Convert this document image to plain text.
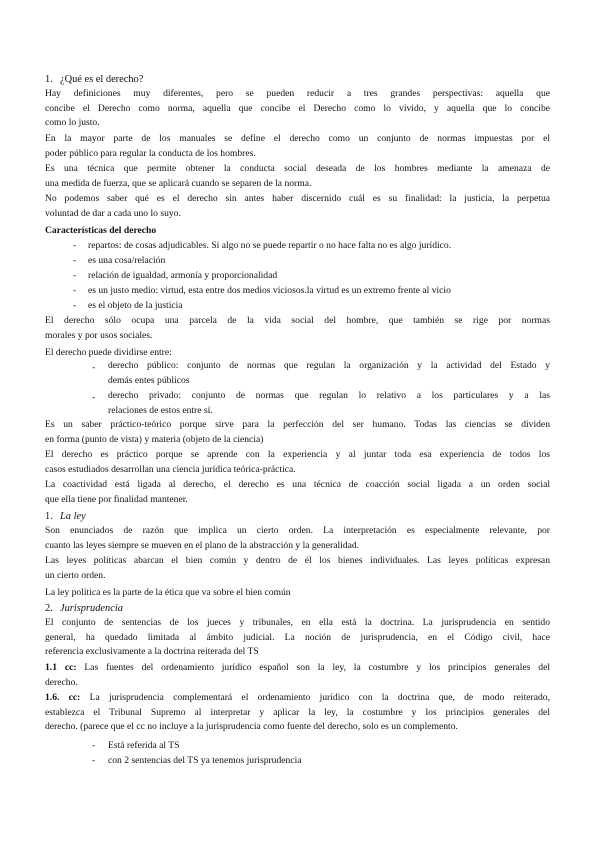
1. ¿Qué es el derecho?
Hay definiciones muy diferentes, pero se pueden reducir a tres grandes perspectivas: aquella que
concibe el Derecho como norma, aquella que concibe el Derecho como lo vivido, y aquella que lo concibe
como lo justo.
En la mayor parte de los manuales se define el derecho como un conjunto de normas impuestas por el
poder público para regular la conducta de los hombres.
Es una técnica que permite obtener la conducta social deseada de los hombres mediante la amenaza de
una medida de fuerza, que se aplicará cuando se separen de la norma.
No podemos saber qué es el derecho sin antes haber discernido cuál es su finalidad: la justicia, la perpetua
voluntad de dar a cada uno lo suyo.
Características del derecho
- repartos: de cosas adjudicables. Si algo no se puede repartir o no hace falta no es algo jurídico.
- es una cosa/relación
- relación de igualdad, armonía y proporcionalidad
- es un justo medio: virtud, esta entre dos medios viciosos.la virtud es un extremo frente al vicio
- es el objeto de la justicia
El derecho sólo ocupa una parcela de la vida social del hombre, que también se rige por normas
morales y por usos sociales.
El derecho puede dividirse entre:
- derecho público: conjunto de normas que regulan la organización y la actividad del Estado y
demás entes públicos
- derecho privado: conjunto de normas que regulan lo relativo a los particulares y a las
relaciones de estos entre sí.
Es un saber práctico-teórico porque sirve para la perfección del ser humano. Todas las ciencias se dividen
en forma (punto de vista) y materia (objeto de la ciencia)
El derecho es práctico porque se aprende con la experiencia y al juntar toda esa experiencia de todos los
casos estudiados desarrollan una ciencia jurídica teórica-práctica.
La coactividad está ligada al derecho, el derecho es una técnica de coacción social ligada a un orden social
que ella tiene por finalidad mantener.
1. La ley
Son enunciados de razón que implica un cierto orden. La interpretación es especialmente relevante, por
cuanto las leyes siempre se mueven en el plano de la abstracción y la generalidad.
Las leyes políticas abarcan el bien común y dentro de él los bienes individuales. Las leyes políticas expresan
un cierto orden.
La ley política es la parte de la ética que va sobre el bien común
2. Jurisprudencia
El conjunto de sentencias de los jueces y tribunales, en ella está la doctrina. La jurisprudencia en sentido
general, ha quedado limitada al ámbito judicial. La noción de jurisprudencia, en el Código civil, hace
referencia exclusivamente a la doctrina reiterada del TS
1.1 cc: Las fuentes del ordenamiento jurídico español son la ley, la costumbre y los principios generales del
derecho.
1.6. cc: La jurisprudencia complementará el ordenamiento jurídico con la doctrina que, de modo reiterado,
establezca el Tribunal Supremo al interpretar y aplicar la ley, la costumbre y los principios generales del
derecho. (parece que el cc no incluye a la jurisprudencia como fuente del derecho, solo es un complemento.
- Está referida al TS
- con 2 sentencias del TS ya tenemos jurisprudencia
